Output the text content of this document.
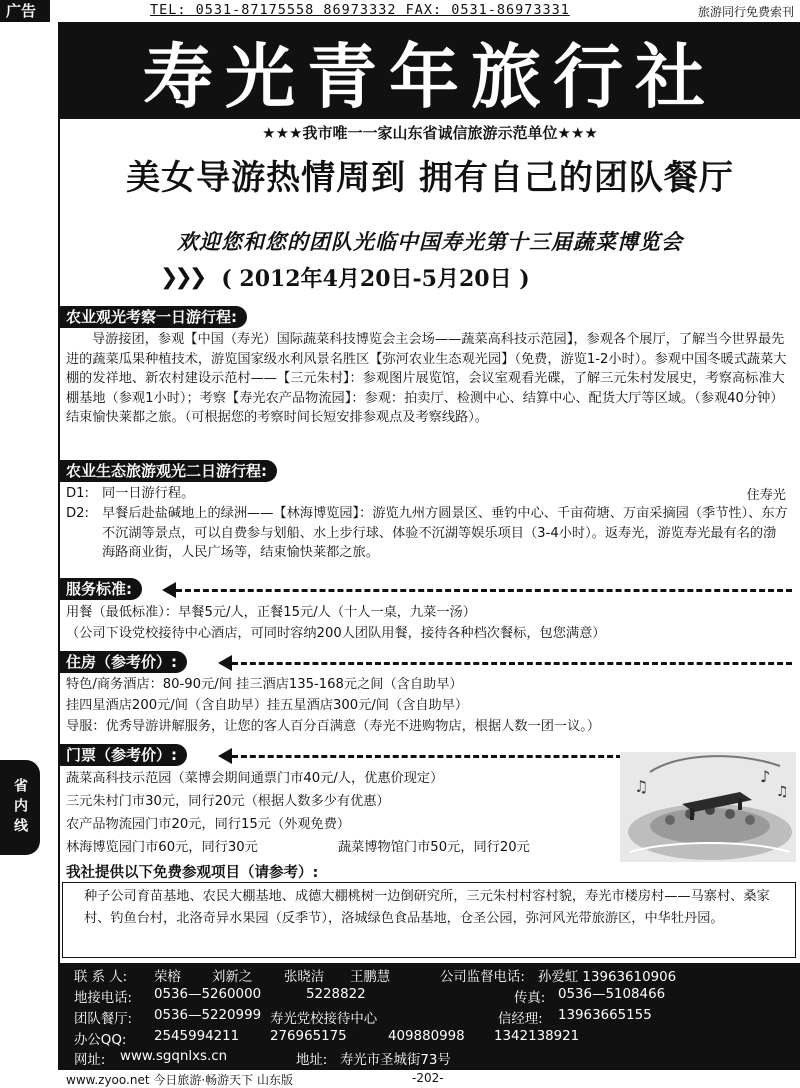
广告	TEL: 0531-87175558 86973332 FAX: 0531-86973331	旅游同行免费索刊
寿光青年旅行社
★★★我市唯一一家山东省诚信旅游示范单位★★★
美女导游热情周到 拥有自己的团队餐厅
欢迎您和您的团队光临中国寿光第十三届蔬菜博览会
❯❯❯ ( 2012年4月20日-5月20日 )
农业观光考察一日游行程:
导游接团，参观【中国（寿光）国际蔬菜科技博览会主会场——蔬菜高科技示范园】，参观各个展厅，了解当今世界最先进的蔬菜瓜果种植技术，游览国家级水利风景名胜区【弥河农业生态观光园】（免费，游览1-2小时）。参观中国冬暖式蔬菜大棚的发祥地、新农村建设示范村——【三元朱村】：参观图片展览馆，会议室观看光碟，了解三元朱村发展史，考察高标准大棚基地（参观1小时）；考察【寿光农产品物流园】：参观：拍卖厅、检测中心、结算中心、配货大厅等区域。（参观40分钟）结束愉快莱都之旅。（可根据您的考察时间长短安排参观点及考察线路）。
农业生态旅游观光二日游行程:
D1: 同一日游行程。	住寿光
D2: 早餐后赴盐碱地上的绿洲——【林海博览园】：游览九州方圆景区、垂钓中心、千亩荷塘、万亩采摘园（季节性）、东方不沉湖等景点，可以自费参与划船、水上步行球、体验不沉湖等娱乐项目（3-4小时）。返寿光，游览寿光最有名的渤海路商业街，人民广场等，结束愉快莱都之旅。
服务标准:
用餐（最低标准）：早餐5元/人，正餐15元/人（十人一桌，九菜一汤）
（公司下设党校接待中心酒店，可同时容纳200人团队用餐，接待各种档次餐标，包您满意）
住房（参考价）:
特色/商务酒店：80-90元/间 挂三酒店135-168元之间（含自助早）
挂四星酒店200元/间（含自助早）挂五星酒店300元/间（含自助早）
导服：优秀导游讲解服务，让您的客人百分百满意（寿光不进购物店，根据人数一团一议。）
门票（参考价）:
蔬菜高科技示范园（菜博会期间通票门市40元/人，优惠价现定）
三元朱村门市30元，同行20元（根据人数多少有优惠）
农产品物流园门市20元，同行15元（外观免费）
林海博览园门市60元，同行30元	蔬菜博物馆门市50元，同行20元
♪
♫
♫
我社提供以下免费参观项目（请参考）:
种子公司育苗基地、农民大棚基地、成德大棚桃树一边倒研究所，三元朱村村容村貌，寿光市楼房村——马寨村、桑家村、钓鱼台村，北洛奇异水果园（反季节），洛城绿色食品基地，仓圣公园，弥河风光带旅游区，中华牡丹园。
联 系 人: 荣榕 刘新之 张晓洁 王鹏慧	公司监督电话: 孙爱虹 13963610906
地接电话: 0536—5260000	5228822	传真: 0536—5108466
团队餐厅: 0536—5220999 寿光党校接待中心	信经理: 13963665155
办公QQ: 2545994211 276965175	409880998 1342138921
网址: www.sgqnlxs.cn	地址: 寿光市圣城街73号
省内线
www.zyoo.net 今日旅游·畅游天下 山东版	-202-
